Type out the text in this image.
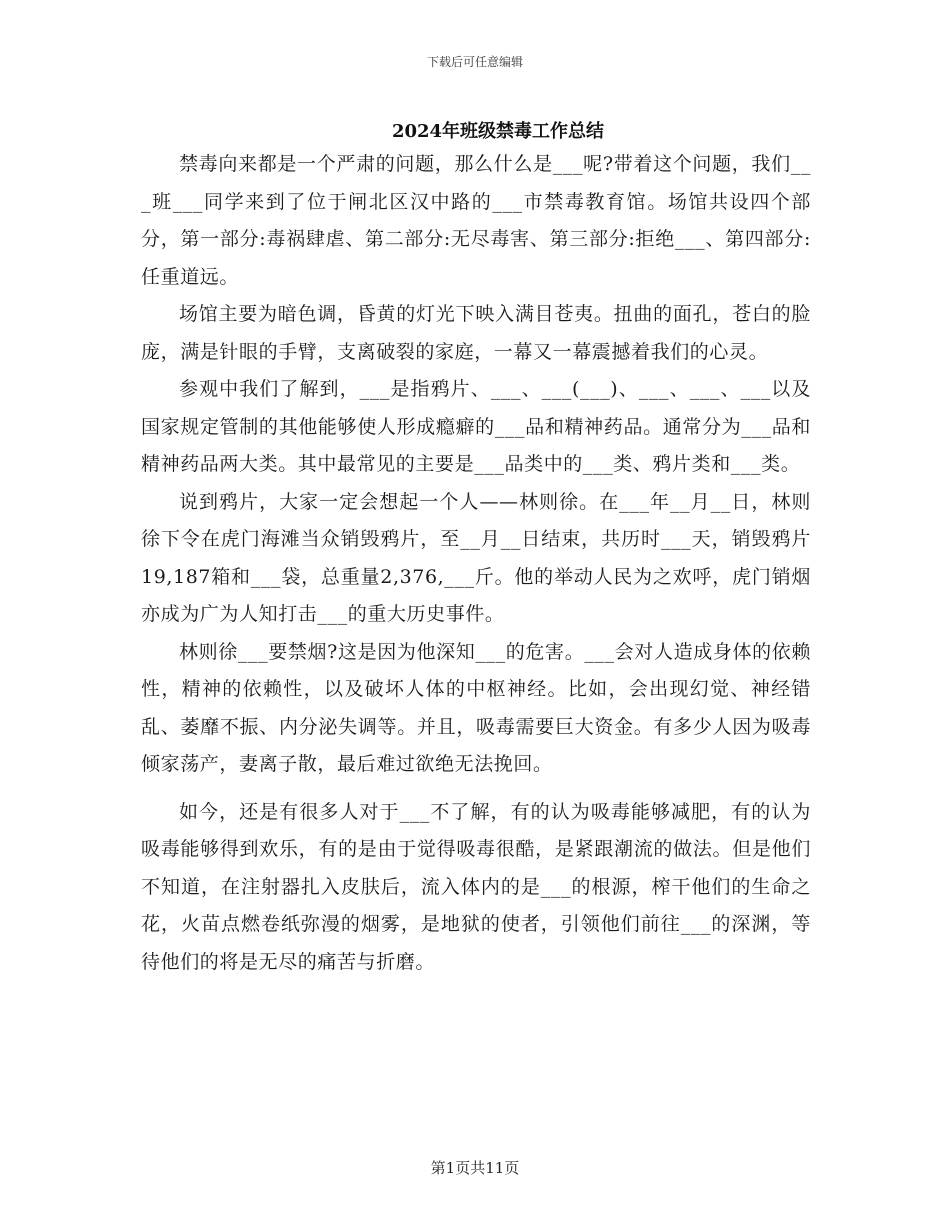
下载后可任意编辑
2024年班级禁毒工作总结

禁毒向来都是一个严肃的问题，那么什么是___呢?带着这个问题，我们___班___同学来到了位于闸北区汉中路的___市禁毒教育馆。场馆共设四个部分，第一部分:毒祸肆虐、第二部分:无尽毒害、第三部分:拒绝___、第四部分:任重道远。

场馆主要为暗色调，昏黄的灯光下映入满目苍夷。扭曲的面孔，苍白的脸庞，满是针眼的手臂，支离破裂的家庭，一幕又一幕震撼着我们的心灵。

参观中我们了解到，___是指鸦片、___、___(___)、___、___、___以及国家规定管制的其他能够使人形成瘾癖的___品和精神药品。通常分为___品和精神药品两大类。其中最常见的主要是___品类中的___类、鸦片类和___类。

说到鸦片，大家一定会想起一个人——林则徐。在___年__月__日，林则徐下令在虎门海滩当众销毁鸦片，至__月__日结束，共历时___天，销毁鸦片19,187箱和___袋，总重量2,376,___斤。他的举动人民为之欢呼，虎门销烟亦成为广为人知打击___的重大历史事件。

林则徐___要禁烟?这是因为他深知___的危害。___会对人造成身体的依赖性，精神的依赖性，以及破坏人体的中枢神经。比如，会出现幻觉、神经错乱、萎靡不振、内分泌失调等。并且，吸毒需要巨大资金。有多少人因为吸毒倾家荡产，妻离子散，最后难过欲绝无法挽回。

如今，还是有很多人对于___不了解，有的认为吸毒能够减肥，有的认为吸毒能够得到欢乐，有的是由于觉得吸毒很酷，是紧跟潮流的做法。但是他们不知道，在注射器扎入皮肤后，流入体内的是___的根源，榨干他们的生命之花，火苗点燃卷纸弥漫的烟雾，是地狱的使者，引领他们前往___的深渊，等待他们的将是无尽的痛苦与折磨。

第1页共11页
